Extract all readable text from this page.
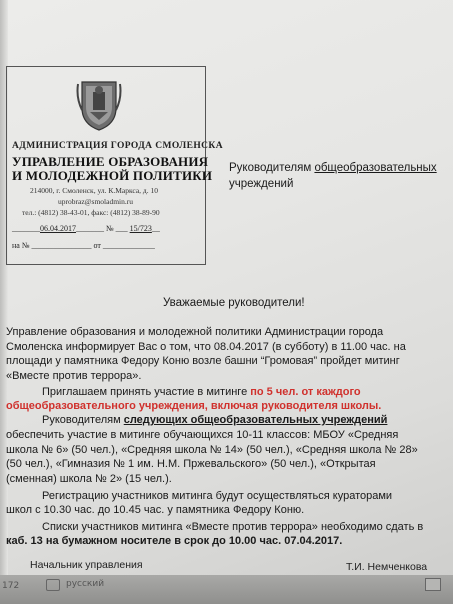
АДМИНИСТРАЦИЯ ГОРОДА СМОЛЕНСКА
УПРАВЛЕНИЕ ОБРАЗОВАНИЯ
И МОЛОДЕЖНОЙ ПОЛИТИКИ
214000, г. Смоленск, ул. К.Маркса, д. 10
uprobraz@smoladmin.ru
тел.: (4812) 38-43-01, факс: (4812) 38-89-90
_______06.04.2017_______ № ___ 15/723__
на № _______________ от _____________
Руководителям общеобразовательных
учреждений
Уважаемые руководители!
Управление образования и молодежной политики Администрации города
Смоленска информирует Вас о том, что 08.04.2017 (в субботу) в 11.00 час. на
площади у памятника Федору Коню возле башни “Громовая” пройдет митинг
«Вместе против террора».
Приглашаем принять участие в митинге по 5 чел. от каждого
общеобразовательного учреждения, включая руководителя школы.
Руководителям следующих общеобразовательных учреждений
обеспечить участие в митинге обучающихся 10-11 классов: МБОУ «Средняя
школа № 6» (50 чел.), «Средняя школа № 14» (50 чел.), «Средняя школа № 28»
(50 чел.), «Гимназия № 1 им. Н.М. Пржевальского» (50 чел.), «Открытая
(сменная) школа № 2» (15 чел.).
Регистрацию участников митинга будут осуществляться кураторами
школ с 10.30 час. до 10.45 час. у памятника Федору Коню.
Списки участников митинга «Вместе против террора» необходимо сдать в
каб. 13 на бумажном носителе в срок до 10.00 час. 07.04.2017.
Начальник управления	Т.И. Немченкова
172	русский
